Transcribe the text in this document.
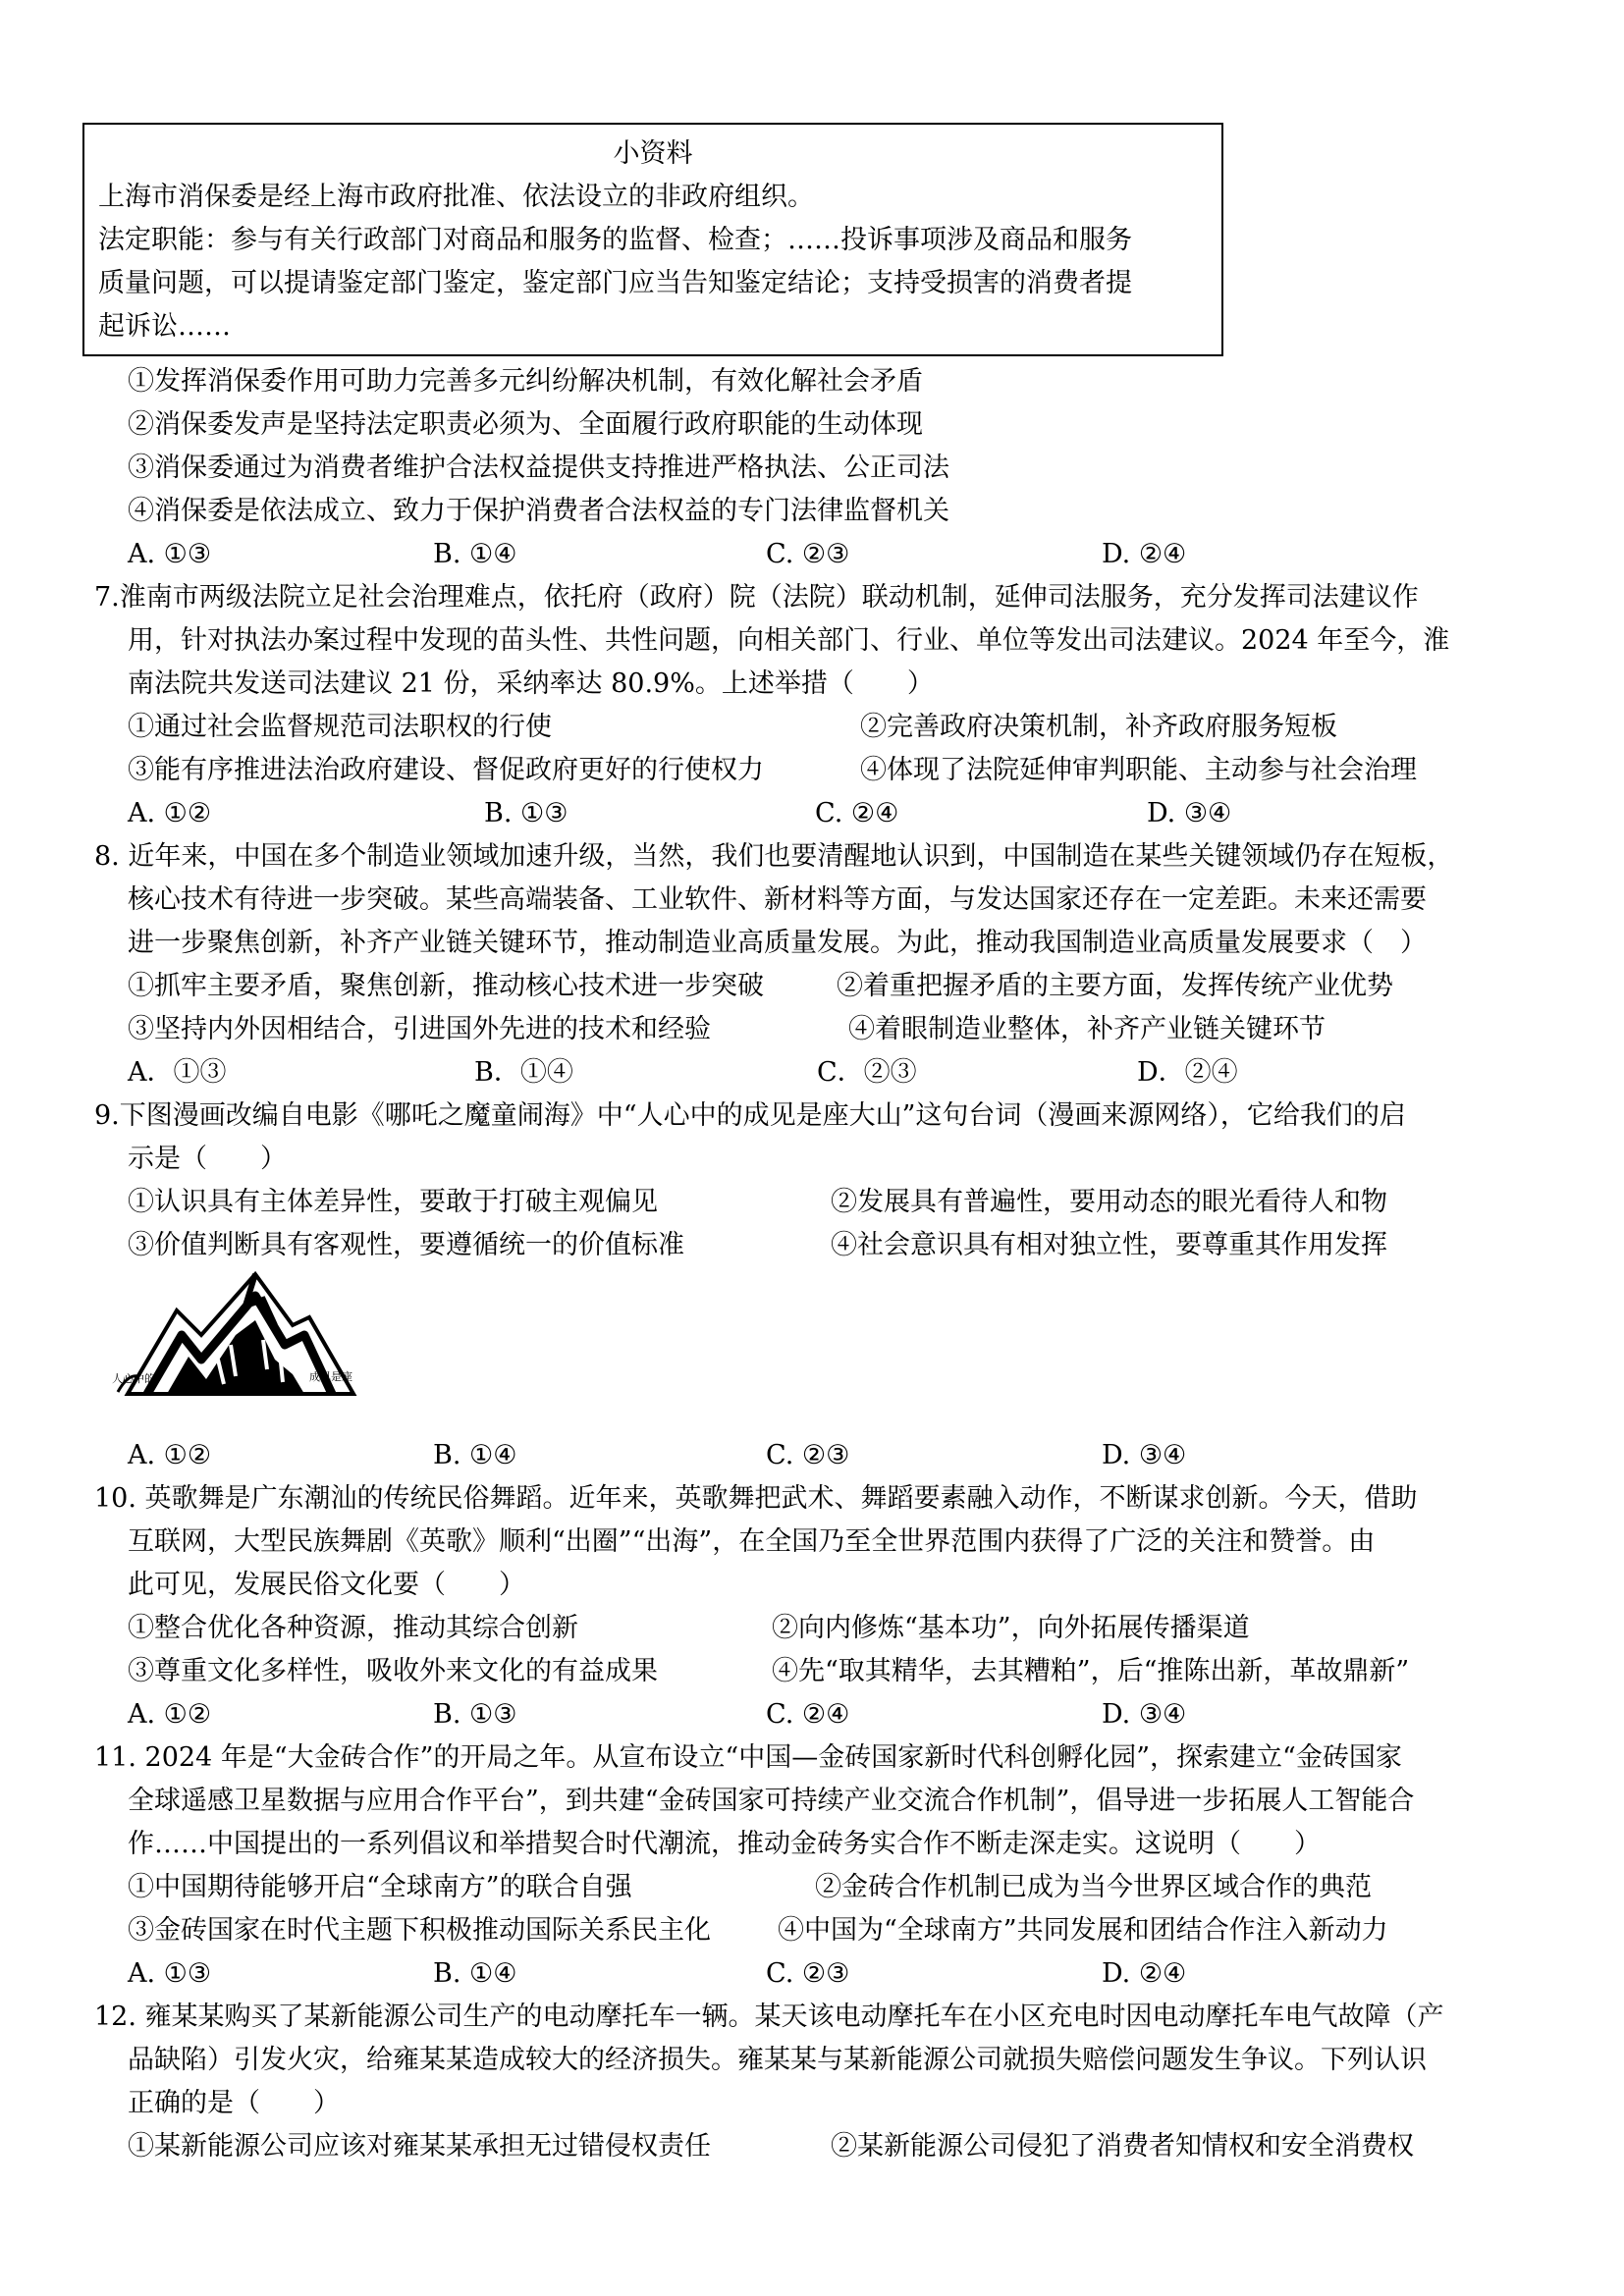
小资料
上海市消保委是经上海市政府批准、依法设立的非政府组织。
法定职能：参与有关行政部门对商品和服务的监督、检查；……投诉事项涉及商品和服务
质量问题，可以提请鉴定部门鉴定，鉴定部门应当告知鉴定结论；支持受损害的消费者提
起诉讼……
①发挥消保委作用可助力完善多元纠纷解决机制，有效化解社会矛盾
②消保委发声是坚持法定职责必须为、全面履行政府职能的生动体现
③消保委通过为消费者维护合法权益提供支持推进严格执法、公正司法
④消保委是依法成立、致力于保护消费者合法权益的专门法律监督机关
A. ①③	B. ①④	C. ②③	D. ②④
7.淮南市两级法院立足社会治理难点，依托府（政府）院（法院）联动机制，延伸司法服务，充分发挥司法建议作
用，针对执法办案过程中发现的苗头性、共性问题，向相关部门、行业、单位等发出司法建议。2024 年至今，淮
南法院共发送司法建议 21 份，采纳率达 80.9%。上述举措（　　）
①通过社会监督规范司法职权的行使	②完善政府决策机制，补齐政府服务短板
③能有序推进法治政府建设、督促政府更好的行使权力	④体现了法院延伸审判职能、主动参与社会治理
A. ①②	B. ①③	C. ②④	D. ③④
8. 近年来，中国在多个制造业领域加速升级，当然，我们也要清醒地认识到，中国制造在某些关键领域仍存在短板，
核心技术有待进一步突破。某些高端装备、工业软件、新材料等方面，与发达国家还存在一定差距。未来还需要
进一步聚焦创新，补齐产业链关键环节，推动制造业高质量发展。为此，推动我国制造业高质量发展要求（　）
①抓牢主要矛盾，聚焦创新，推动核心技术进一步突破	②着重把握矛盾的主要方面，发挥传统产业优势
③坚持内外因相结合，引进国外先进的技术和经验	④着眼制造业整体，补齐产业链关键环节
A．①③	B．①④	C．②③	D．②④
9.下图漫画改编自电影《哪吒之魔童闹海》中“人心中的成见是座大山”这句台词（漫画来源网络），它给我们的启
示是（　　）
①认识具有主体差异性，要敢于打破主观偏见	②发展具有普遍性，要用动态的眼光看待人和物
③价值判断具有客观性，要遵循统一的价值标准	④社会意识具有相对独立性，要尊重其作用发挥
人心中的	成见是座
A. ①②	B. ①④	C. ②③	D. ③④
10. 英歌舞是广东潮汕的传统民俗舞蹈。近年来，英歌舞把武术、舞蹈要素融入动作，不断谋求创新。今天，借助
互联网，大型民族舞剧《英歌》顺利“出圈”“出海”，在全国乃至全世界范围内获得了广泛的关注和赞誉。由
此可见，发展民俗文化要（　　）
①整合优化各种资源，推动其综合创新	②向内修炼“基本功”，向外拓展传播渠道
③尊重文化多样性，吸收外来文化的有益成果	④先“取其精华，去其糟粕”，后“推陈出新，革故鼎新”
A. ①②	B. ①③	C. ②④	D. ③④
11. 2024 年是“大金砖合作”的开局之年。从宣布设立“中国—金砖国家新时代科创孵化园”，探索建立“金砖国家
全球遥感卫星数据与应用合作平台”，到共建“金砖国家可持续产业交流合作机制”，倡导进一步拓展人工智能合
作……中国提出的一系列倡议和举措契合时代潮流，推动金砖务实合作不断走深走实。这说明（　　）
①中国期待能够开启“全球南方”的联合自强	②金砖合作机制已成为当今世界区域合作的典范
③金砖国家在时代主题下积极推动国际关系民主化	④中国为“全球南方”共同发展和团结合作注入新动力
A. ①③	B. ①④	C. ②③	D. ②④
12. 雍某某购买了某新能源公司生产的电动摩托车一辆。某天该电动摩托车在小区充电时因电动摩托车电气故障（产
品缺陷）引发火灾，给雍某某造成较大的经济损失。雍某某与某新能源公司就损失赔偿问题发生争议。下列认识
正确的是（　　）
①某新能源公司应该对雍某某承担无过错侵权责任	②某新能源公司侵犯了消费者知情权和安全消费权
